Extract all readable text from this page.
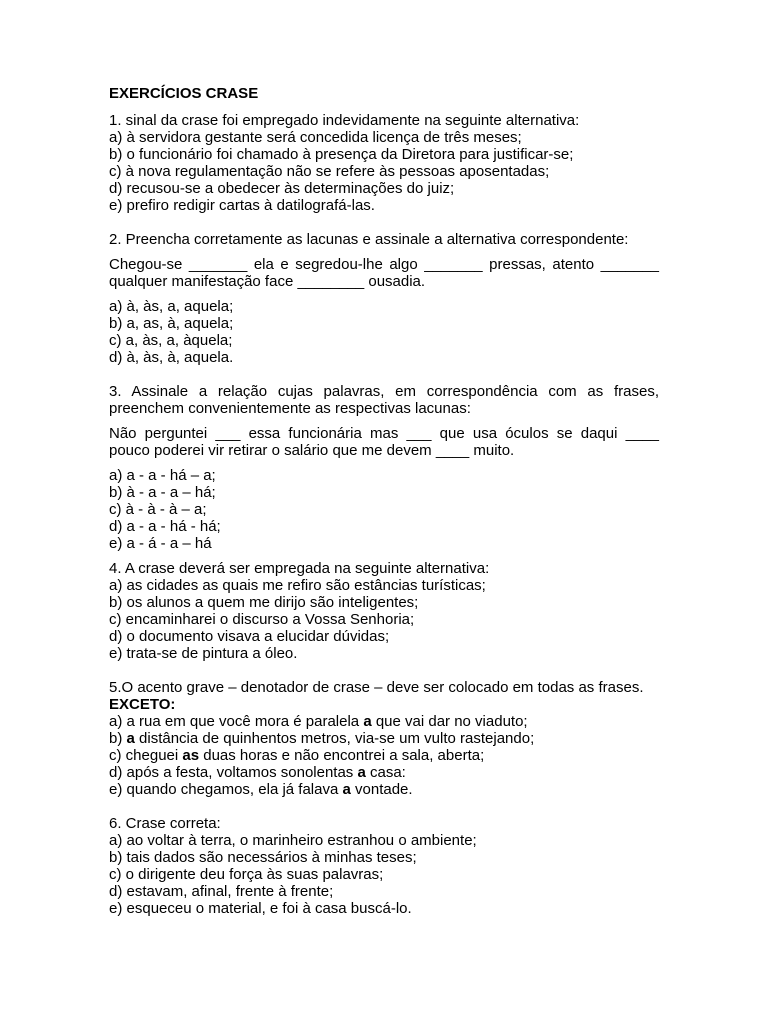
EXERCÍCIOS CRASE
1. sinal da crase foi empregado indevidamente na seguinte alternativa:
a) à servidora gestante será concedida licença de três meses;
b) o funcionário foi chamado à presença da Diretora para justificar-se;
c) à nova regulamentação não se refere às pessoas aposentadas;
d) recusou-se a obedecer às determinações do juiz;
e) prefiro redigir cartas à datilografá-las.
2. Preencha corretamente as lacunas e assinale a alternativa correspondente:
Chegou-se _______ ela e segredou-lhe algo _______ pressas, atento _______
qualquer manifestação face ________ ousadia.
a) à, às, a, aquela;
b) a, as, à, aquela;
c) a, às, a, àquela;
d) à, às, à, aquela.
3. Assinale a relação cujas palavras, em correspondência com as frases,
preenchem convenientemente as respectivas lacunas:
Não perguntei ___ essa funcionária mas ___ que usa óculos se daqui ____
pouco poderei vir retirar o salário que me devem ____ muito.
a) a - a - há – a;
b) à - a - a – há;
c) à - à - à – a;
d) a - a - há - há;
e) a - á - a – há
4. A crase deverá ser empregada na seguinte alternativa:
a) as cidades as quais me refiro são estâncias turísticas;
b) os alunos a quem me dirijo são inteligentes;
c) encaminharei o discurso a Vossa Senhoria;
d) o documento visava a elucidar dúvidas;
e) trata-se de pintura a óleo.
5.O acento grave – denotador de crase – deve ser colocado em todas as frases.
EXCETO:
a) a rua em que você mora é paralela a que vai dar no viaduto;
b) a distância de quinhentos metros, via-se um vulto rastejando;
c) cheguei as duas horas e não encontrei a sala, aberta;
d) após a festa, voltamos sonolentas a casa:
e) quando chegamos, ela já falava a vontade.
6. Crase correta:
a) ao voltar à terra, o marinheiro estranhou o ambiente;
b) tais dados são necessários à minhas teses;
c) o dirigente deu força às suas palavras;
d) estavam, afinal, frente à frente;
e) esqueceu o material, e foi à casa buscá-lo.
